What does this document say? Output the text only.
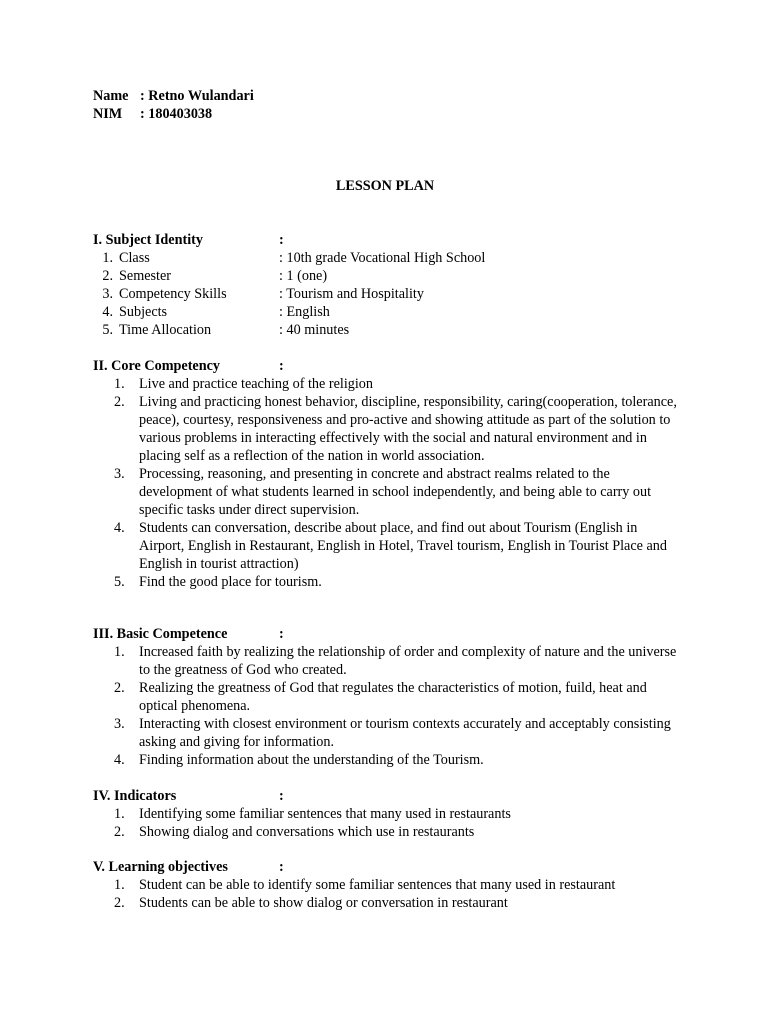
Name : Retno Wulandari
NIM	: 180403038
LESSON PLAN
I. Subject Identity	:
1. Class	: 10th grade Vocational High School
2. Semester	: 1 (one)
3. Competency Skills	: Tourism and Hospitality
4. Subjects	: English
5. Time Allocation	: 40 minutes
II. Core Competency	:
1.	Live and practice teaching of the religion
2.	Living and practicing honest behavior, discipline, responsibility, caring(cooperation, tolerance, peace), courtesy, responsiveness and pro-active and showing attitude as part of the solution to various problems in interacting effectively with the social and natural environment and in placing self as a reflection of the nation in world association.
3.	Processing, reasoning, and presenting in concrete and abstract realms related to the development of what students learned in school independently, and being able to carry out specific tasks under direct supervision.
4.	Students can conversation, describe about place, and find out about Tourism (English in Airport, English in Restaurant, English in Hotel, Travel tourism, English in Tourist Place and English in tourist attraction)
5.	Find the good place for tourism.
III. Basic Competence	:
1.	Increased faith by realizing the relationship of order and complexity of nature and the universe to the greatness of God who created.
2.	Realizing the greatness of God that regulates the characteristics of motion, fuild, heat and optical phenomena.
3.	Interacting with closest environment or tourism contexts accurately and acceptably consisting asking and giving for information.
4.	Finding information about the understanding of the Tourism.
IV. Indicators	:
1.	Identifying some familiar sentences that many used in restaurants
2.	Showing dialog and conversations which use in restaurants
V. Learning objectives	:
1.	Student can be able to identify some familiar sentences that many used in restaurant
2.	Students can be able to show dialog or conversation in restaurant
